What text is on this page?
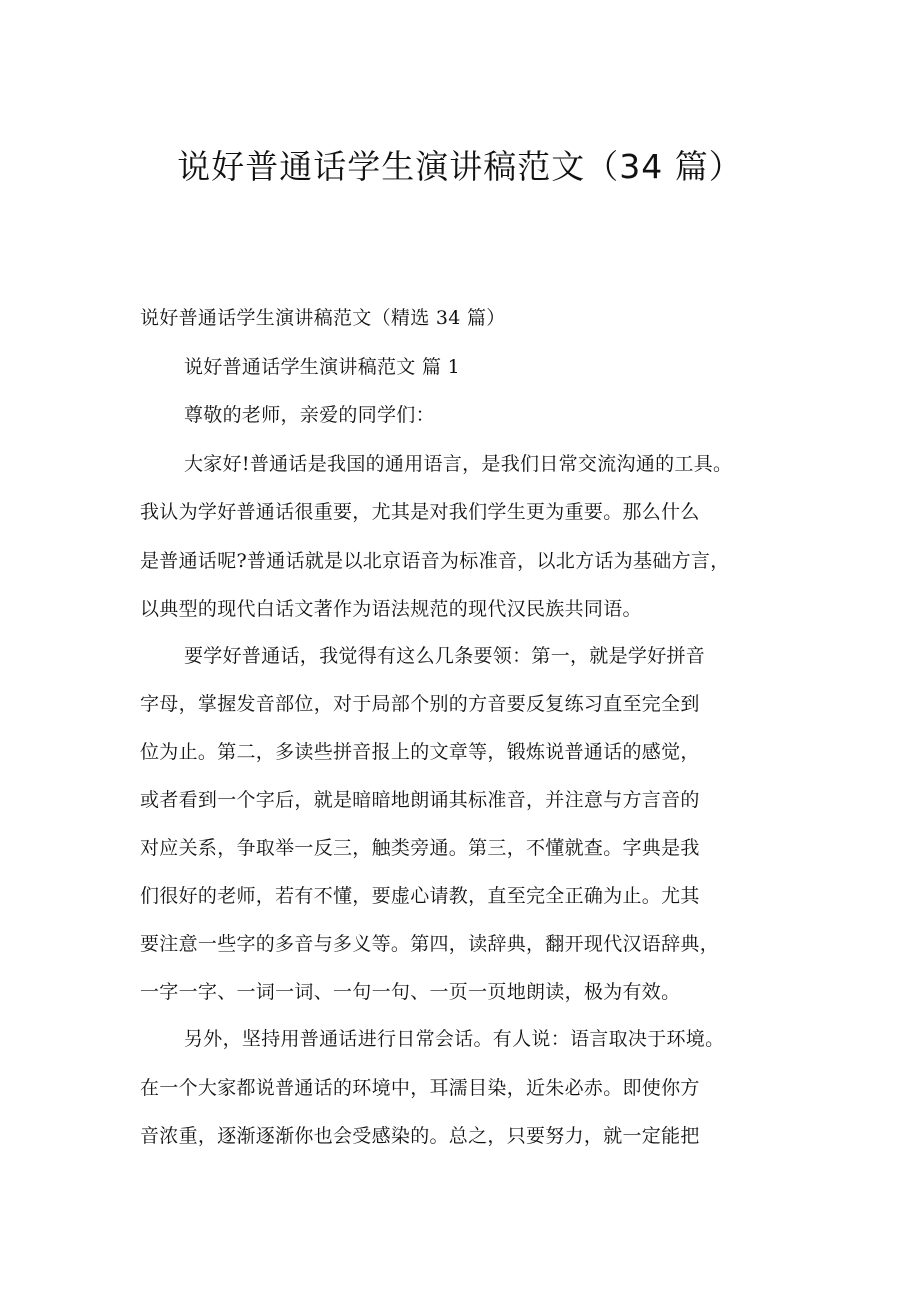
说好普通话学生演讲稿范文（34 篇）
说好普通话学生演讲稿范文（精选 34 篇）
说好普通话学生演讲稿范文 篇 1
尊敬的老师，亲爱的同学们：
大家好!普通话是我国的通用语言，是我们日常交流沟通的工具。
我认为学好普通话很重要，尤其是对我们学生更为重要。那么什么
是普通话呢?普通话就是以北京语音为标准音，以北方话为基础方言，
以典型的现代白话文著作为语法规范的现代汉民族共同语。
要学好普通话，我觉得有这么几条要领：第一，就是学好拼音
字母，掌握发音部位，对于局部个别的方音要反复练习直至完全到
位为止。第二，多读些拼音报上的文章等，锻炼说普通话的感觉，
或者看到一个字后，就是暗暗地朗诵其标准音，并注意与方言音的
对应关系，争取举一反三，触类旁通。第三，不懂就查。字典是我
们很好的老师，若有不懂，要虚心请教，直至完全正确为止。尤其
要注意一些字的多音与多义等。第四，读辞典，翻开现代汉语辞典，
一字一字、一词一词、一句一句、一页一页地朗读，极为有效。
另外，坚持用普通话进行日常会话。有人说：语言取决于环境。
在一个大家都说普通话的环境中，耳濡目染，近朱必赤。即使你方
音浓重，逐渐逐渐你也会受感染的。总之，只要努力，就一定能把
